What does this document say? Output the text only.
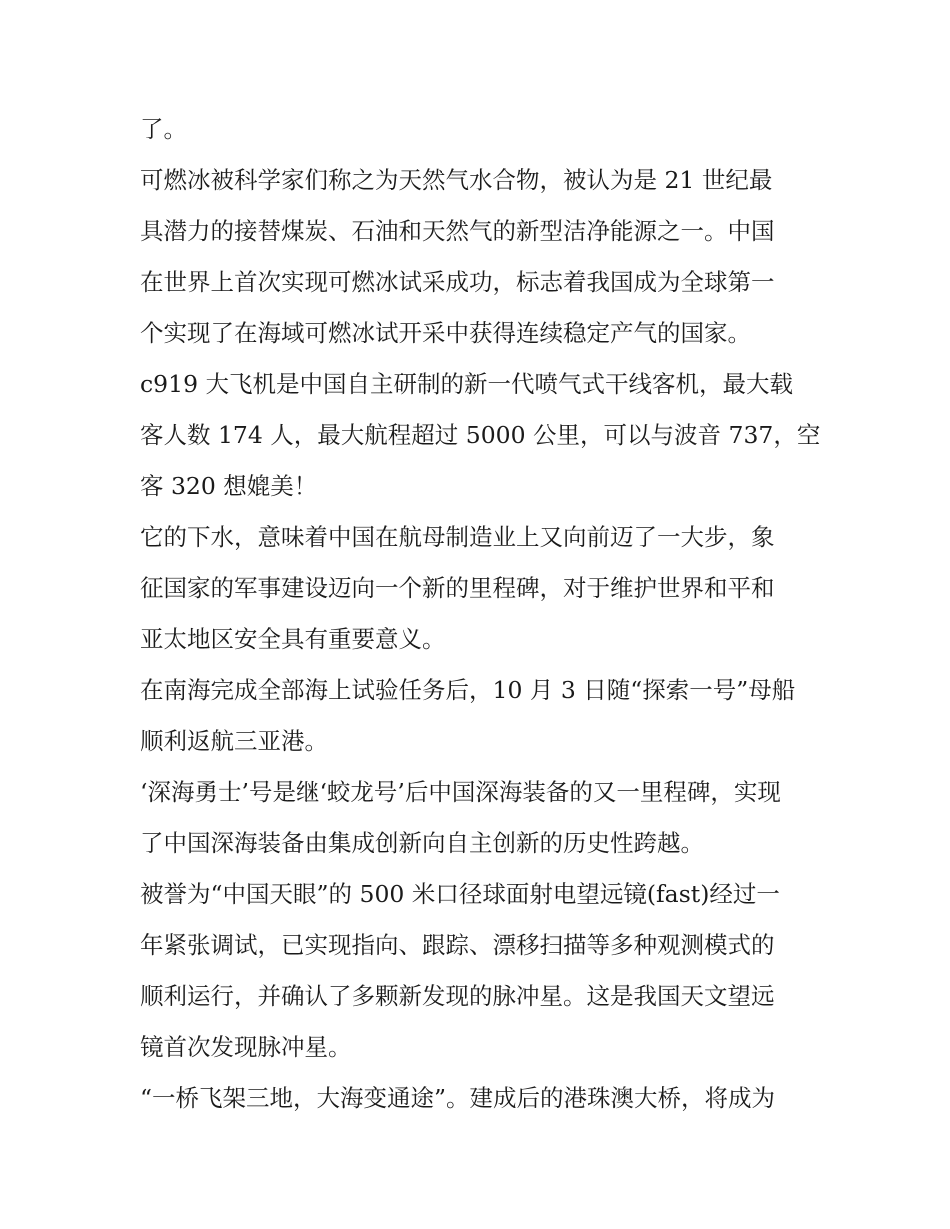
了。
可燃冰被科学家们称之为天然气水合物，被认为是 21 世纪最
具潜力的接替煤炭、石油和天然气的新型洁净能源之一。中国
在世界上首次实现可燃冰试采成功，标志着我国成为全球第一
个实现了在海域可燃冰试开采中获得连续稳定产气的国家。
c919 大飞机是中国自主研制的新一代喷气式干线客机，最大载
客人数 174 人，最大航程超过 5000 公里，可以与波音 737，空
客 320 想媲美！
它的下水，意味着中国在航母制造业上又向前迈了一大步，象
征国家的军事建设迈向一个新的里程碑，对于维护世界和平和
亚太地区安全具有重要意义。
在南海完成全部海上试验任务后，10 月 3 日随“探索一号”母船
顺利返航三亚港。
‘深海勇士’号是继‘蛟龙号’后中国深海装备的又一里程碑，实现
了中国深海装备由集成创新向自主创新的历史性跨越。
被誉为“中国天眼”的 500 米口径球面射电望远镜(fast)经过一
年紧张调试，已实现指向、跟踪、漂移扫描等多种观测模式的
顺利运行，并确认了多颗新发现的脉冲星。这是我国天文望远
镜首次发现脉冲星。
“一桥飞架三地，大海变通途”。建成后的港珠澳大桥，将成为
